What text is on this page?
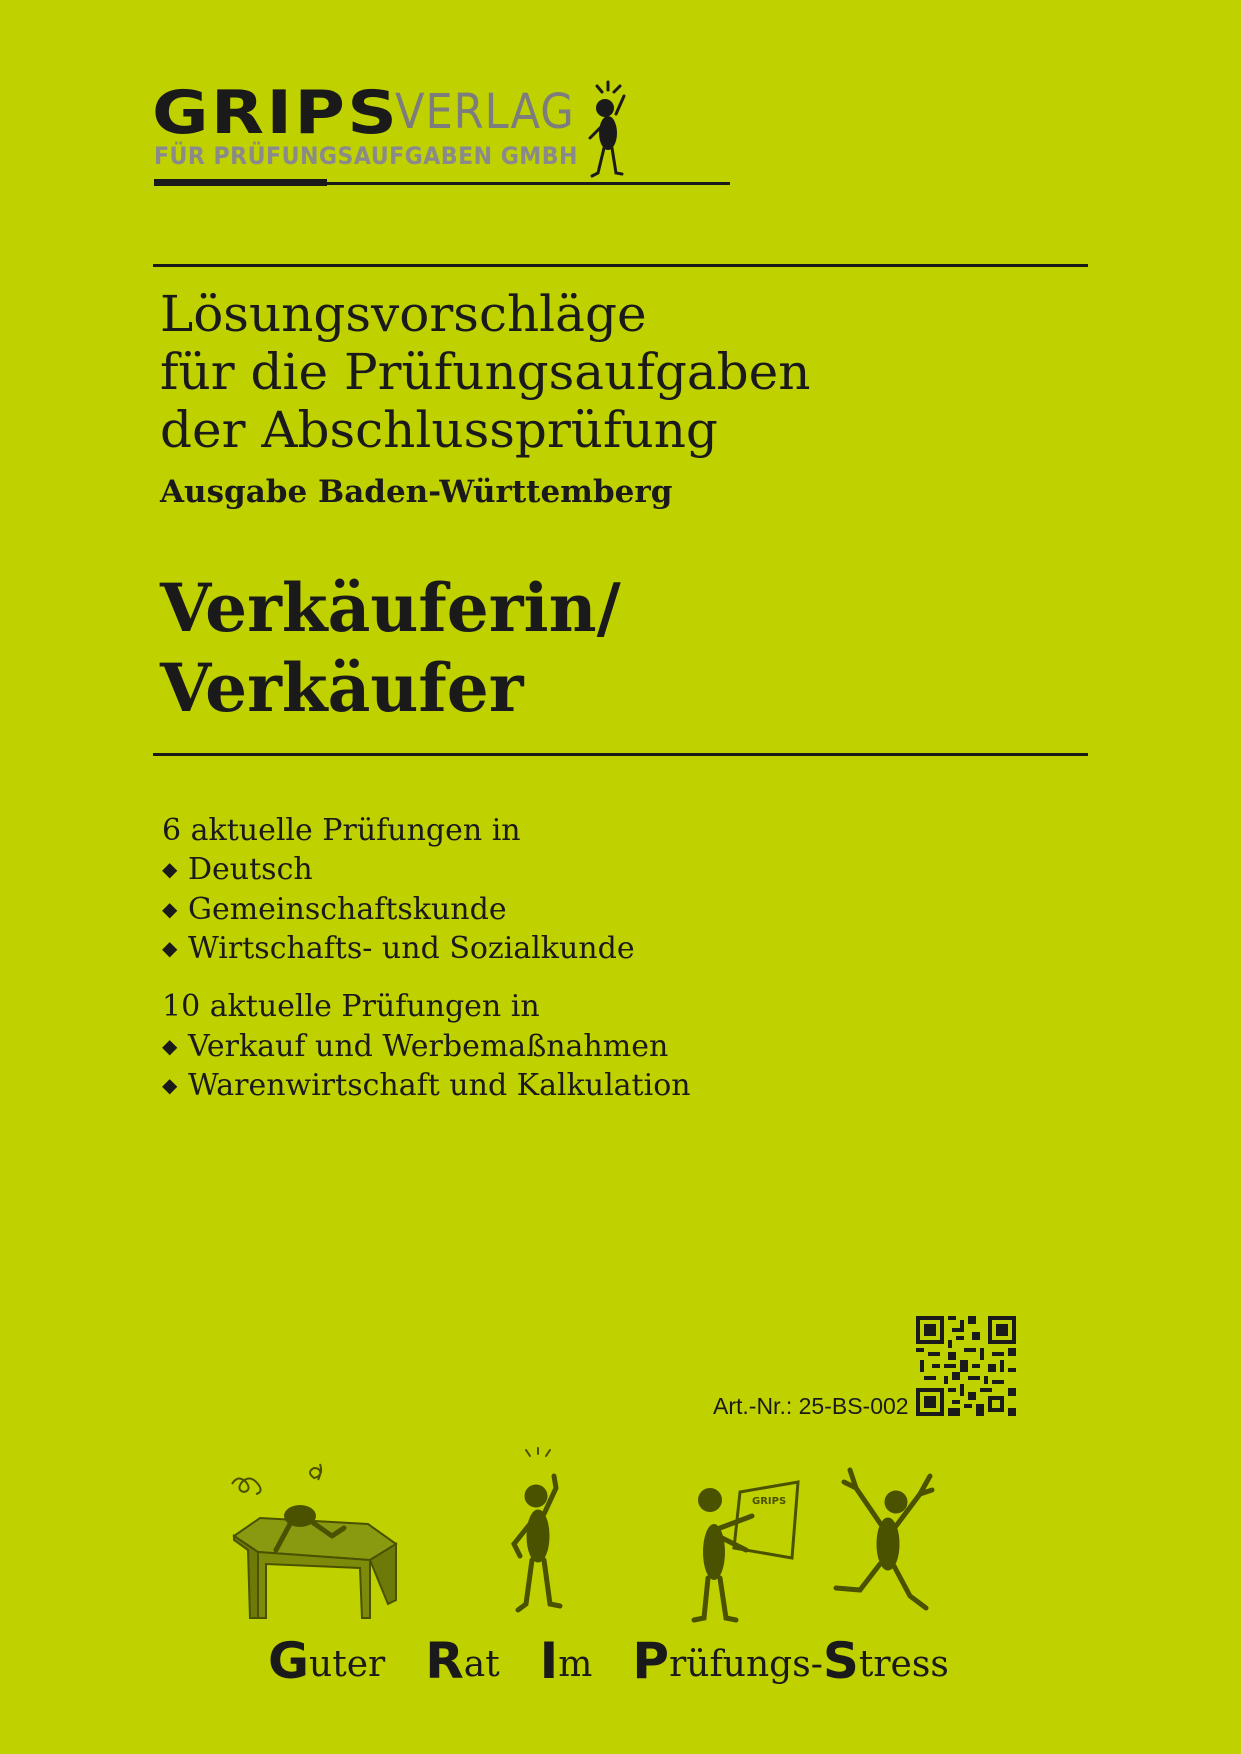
GRIPS
VERLAG
FÜR PRÜFUNGSAUFGABEN GMBH
Lösungsvorschläge
für die Prüfungsaufgaben
der Abschlussprüfung
Ausgabe Baden-Württemberg
Verkäuferin/
Verkäufer
6 aktuelle Prüfungen in
◆ Deutsch
◆ Gemeinschaftskunde
◆ Wirtschafts- und Sozialkunde
10 aktuelle Prüfungen in
◆ Verkauf und Werbemaßnahmen
◆ Warenwirtschaft und Kalkulation
Art.-Nr.: 25-BS-002
GRIPS
Guter Rat Im Prüfungs-Stress
